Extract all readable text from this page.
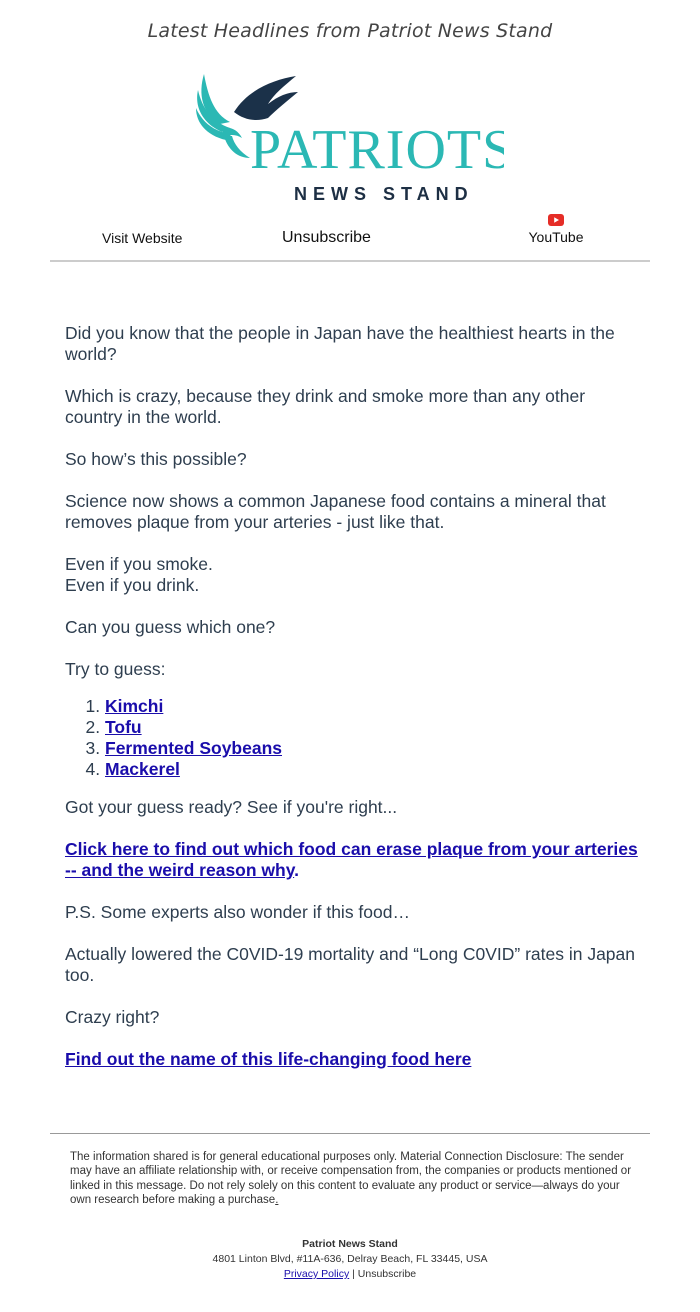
Latest Headlines from Patriot News Stand
PATRIOTS
NEWS STAND
Visit Website	Unsubscribe	YouTube

Did you know that the people in Japan have the healthiest hearts in the world?

Which is crazy, because they drink and smoke more than any other country in the world.

So how’s this possible?

Science now shows a common Japanese food contains a mineral that removes plaque from your arteries - just like that.

Even if you smoke.
Even if you drink.

Can you guess which one?

Try to guess:

1. Kimchi
2. Tofu
3. Fermented Soybeans
4. Mackerel

Got your guess ready? See if you're right...

Click here to find out which food can erase plaque from your arteries -- and the weird reason why.

P.S. Some experts also wonder if this food…

Actually lowered the C0VID-19 mortality and “Long C0VID” rates in Japan too.

Crazy right?

Find out the name of this life-changing food here

The information shared is for general educational purposes only. Material Connection Disclosure: The sender may have an affiliate relationship with, or receive compensation from, the companies or products mentioned or linked in this message. Do not rely solely on this content to evaluate any product or service—always do your own research before making a purchase.
Patriot News Stand
4801 Linton Blvd, #11A-636, Delray Beach, FL 33445, USA
Privacy Policy | Unsubscribe
